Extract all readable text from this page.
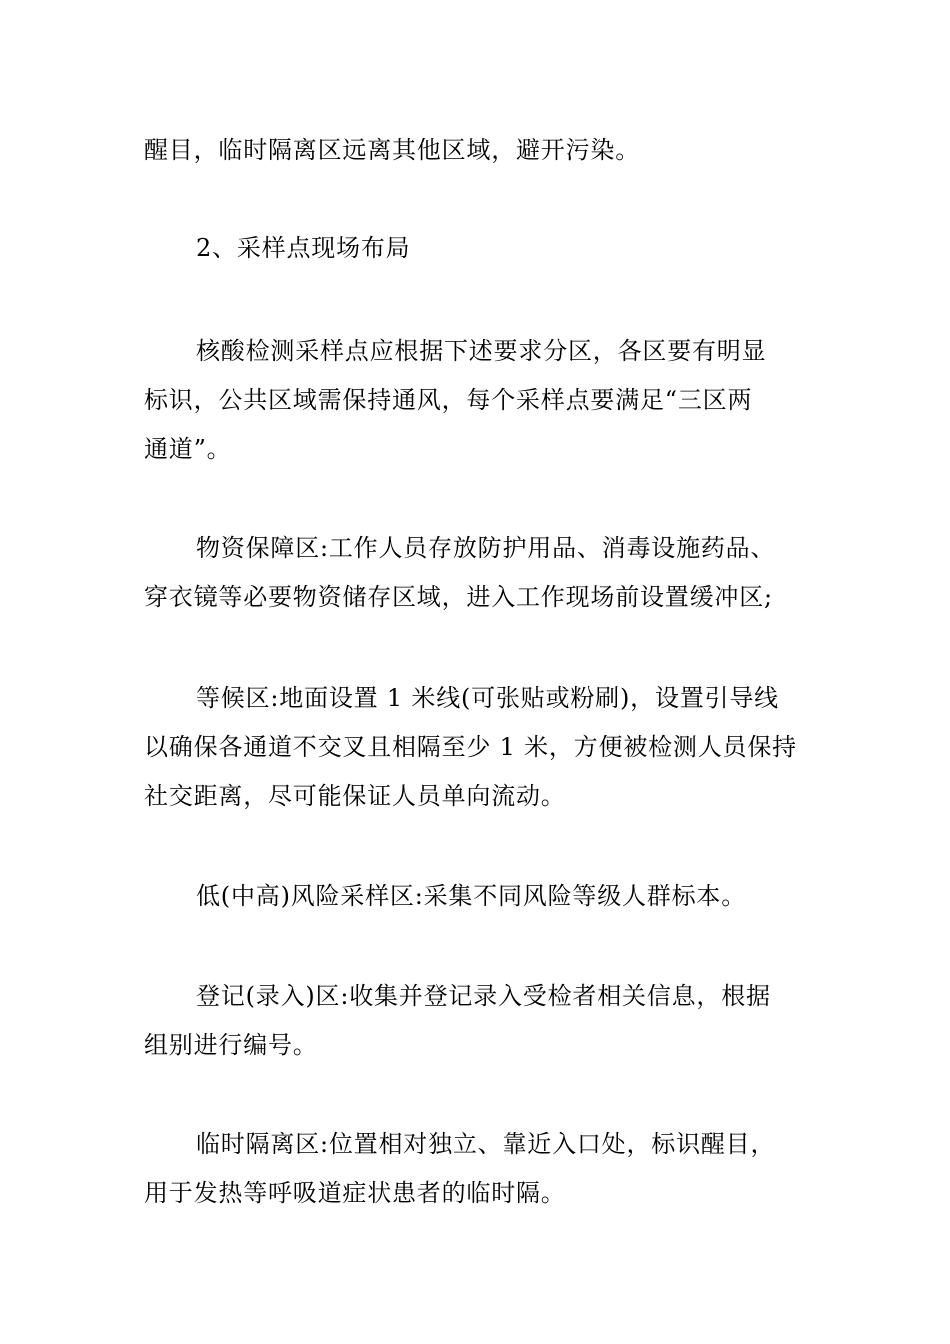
醒目，临时隔离区远离其他区域，避开污染。
2、采样点现场布局
核酸检测采样点应根据下述要求分区，各区要有明显
标识，公共区域需保持通风，每个采样点要满足“三区两
通道”。
物资保障区:工作人员存放防护用品、消毒设施药品、
穿衣镜等必要物资储存区域，进入工作现场前设置缓冲区;
等候区:地面设置 1 米线(可张贴或粉刷)，设置引导线
以确保各通道不交叉且相隔至少 1 米，方便被检测人员保持
社交距离，尽可能保证人员单向流动。
低(中高)风险采样区:采集不同风险等级人群标本。
登记(录入)区:收集并登记录入受检者相关信息，根据
组别进行编号。
临时隔离区:位置相对独立、靠近入口处，标识醒目，
用于发热等呼吸道症状患者的临时隔。
